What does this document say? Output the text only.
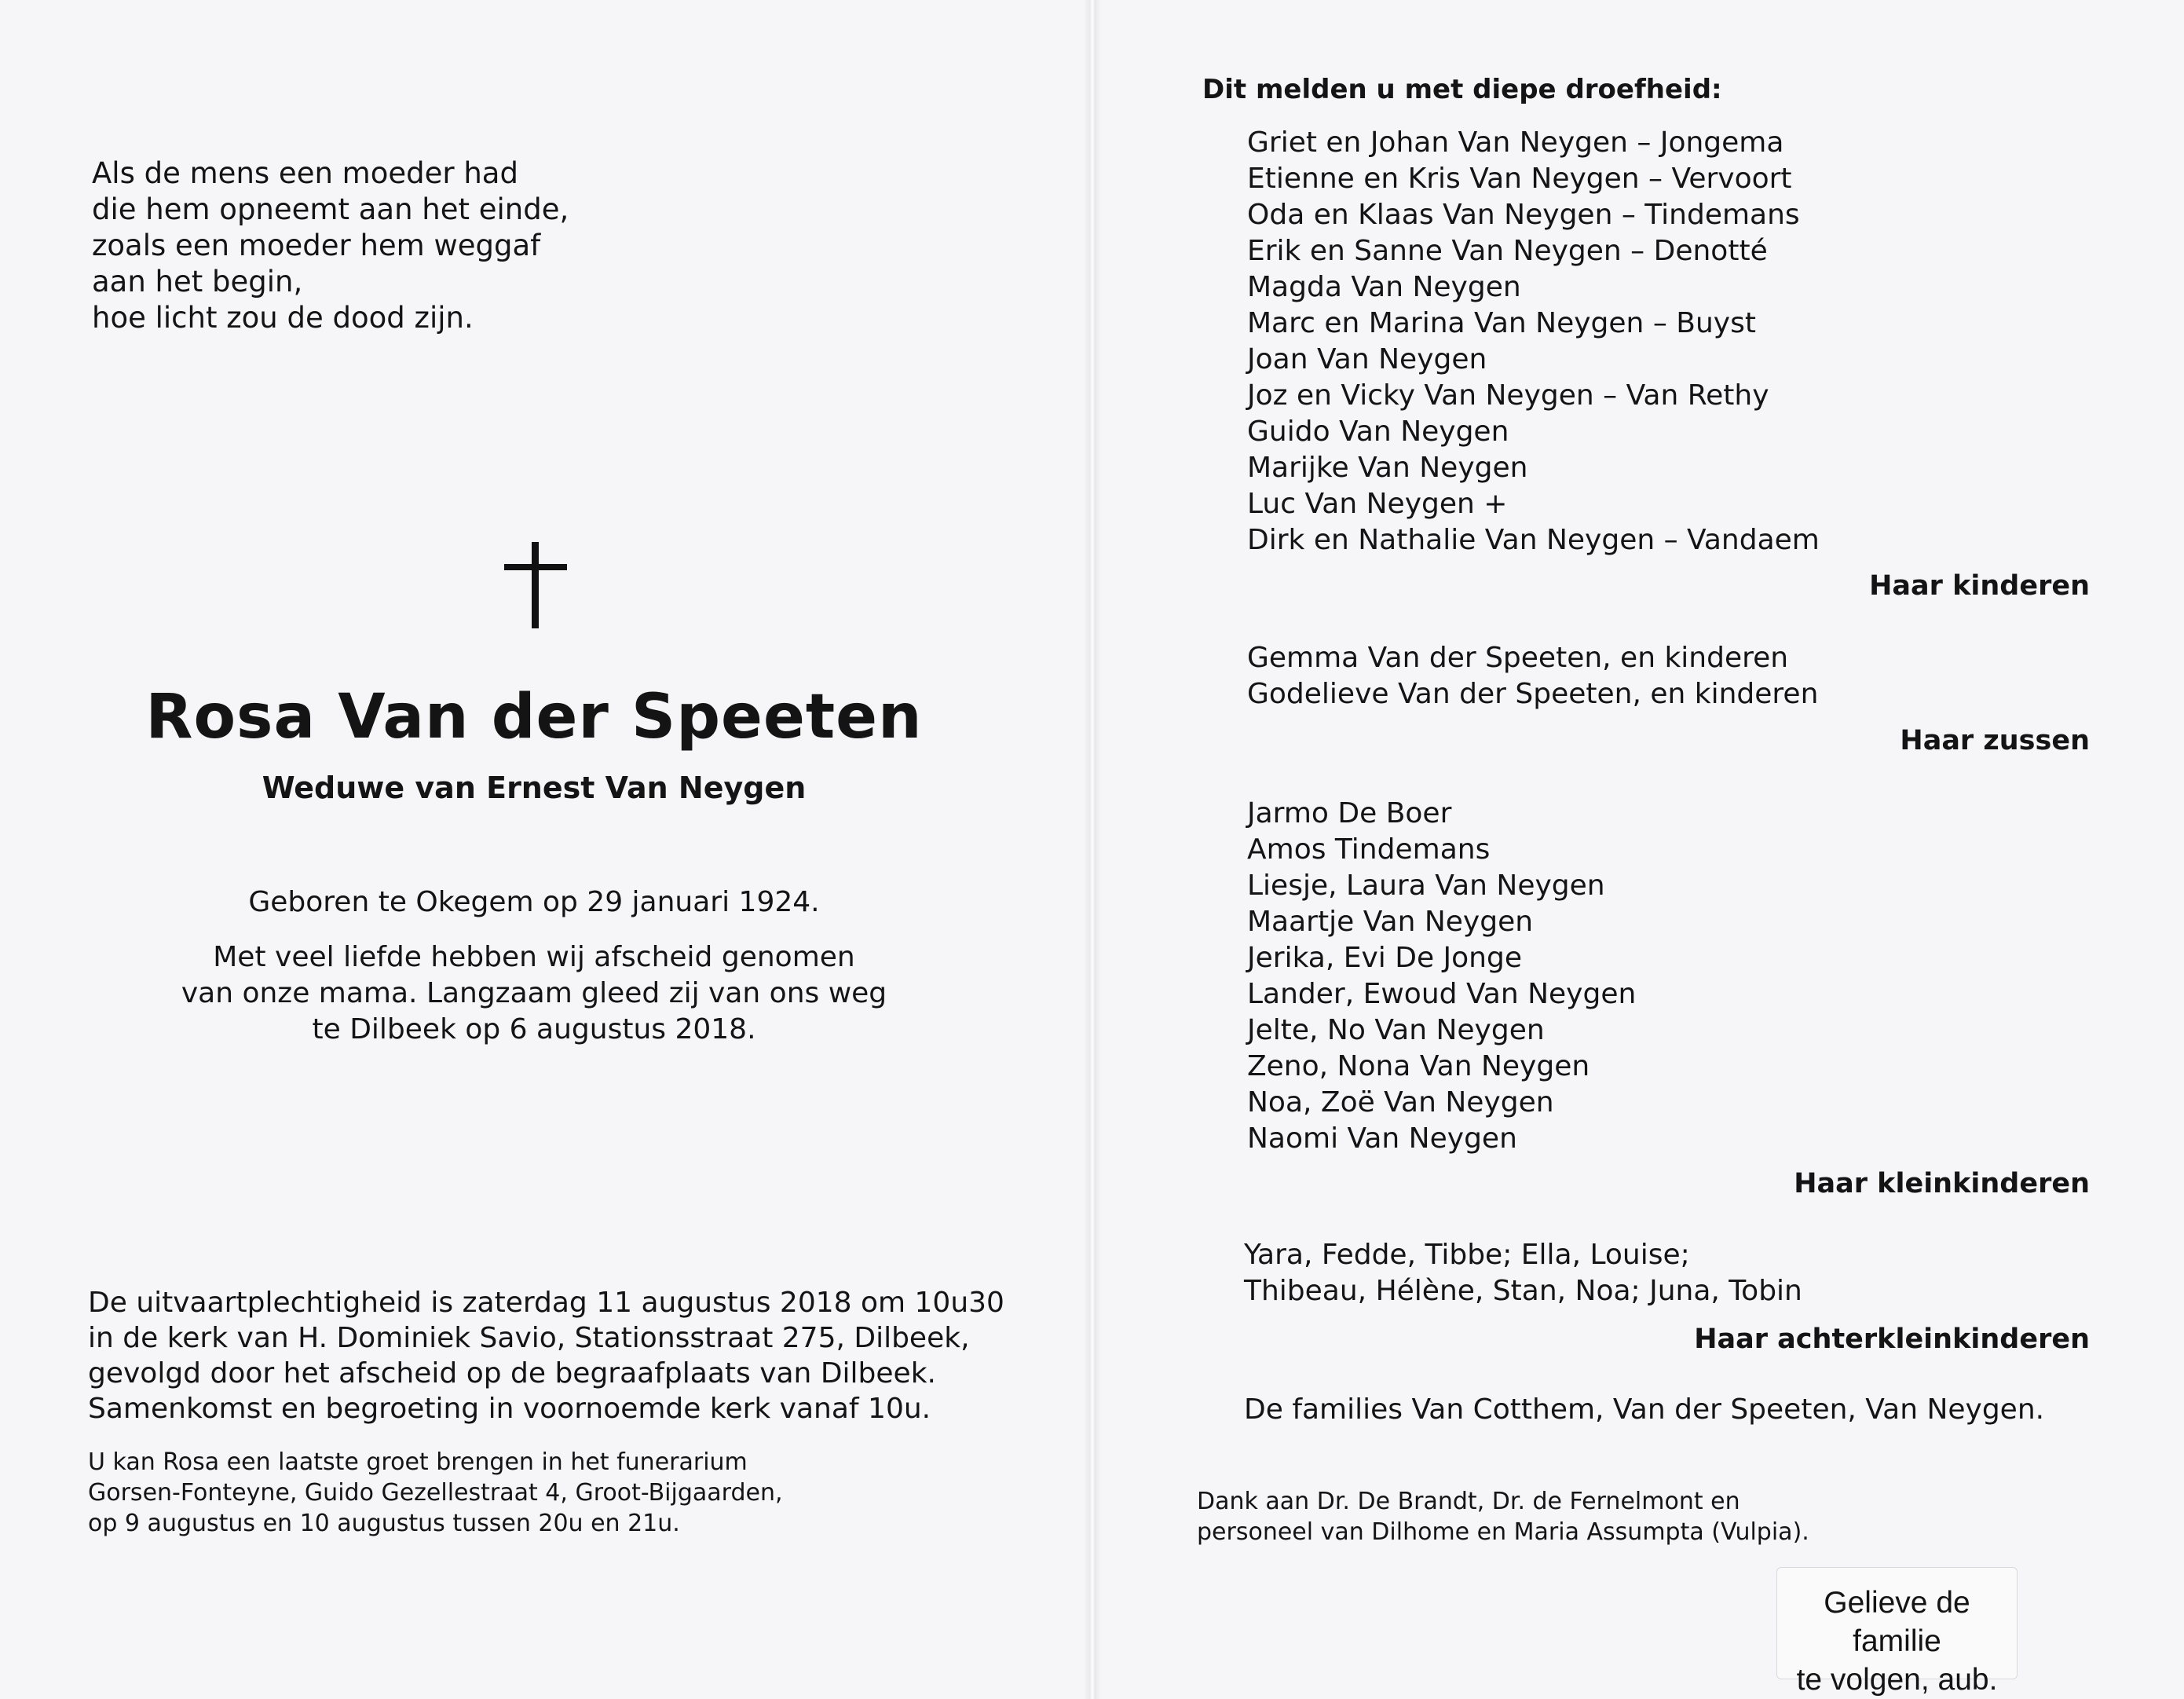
Als de mens een moeder had
die hem opneemt aan het einde,
zoals een moeder hem weggaf
aan het begin,
hoe licht zou de dood zijn.
Rosa Van der Speeten
Weduwe van Ernest Van Neygen
Geboren te Okegem op 29 januari 1924.
Met veel liefde hebben wij afscheid genomen
van onze mama. Langzaam gleed zij van ons weg
te Dilbeek op 6 augustus 2018.
De uitvaartplechtigheid is zaterdag 11 augustus 2018 om 10u30
in de kerk van H. Dominiek Savio, Stationsstraat 275, Dilbeek,
gevolgd door het afscheid op de begraafplaats van Dilbeek.
Samenkomst en begroeting in voornoemde kerk vanaf 10u.
U kan Rosa een laatste groet brengen in het funerarium
Gorsen-Fonteyne, Guido Gezellestraat 4, Groot-Bijgaarden,
op 9 augustus en 10 augustus tussen 20u en 21u.
Dit melden u met diepe droefheid:
Griet en Johan Van Neygen – Jongema
Etienne en Kris Van Neygen – Vervoort
Oda en Klaas Van Neygen – Tindemans
Erik en Sanne Van Neygen – Denotté
Magda Van Neygen
Marc en Marina Van Neygen – Buyst
Joan Van Neygen
Joz en Vicky Van Neygen – Van Rethy
Guido Van Neygen
Marijke Van Neygen
Luc Van Neygen +
Dirk en Nathalie Van Neygen – Vandaem
Haar kinderen
Gemma Van der Speeten, en kinderen
Godelieve Van der Speeten, en kinderen
Haar zussen
Jarmo De Boer
Amos Tindemans
Liesje, Laura Van Neygen
Maartje Van Neygen
Jerika, Evi De Jonge
Lander, Ewoud Van Neygen
Jelte, No Van Neygen
Zeno, Nona Van Neygen
Noa, Zoë Van Neygen
Naomi Van Neygen
Haar kleinkinderen
Yara, Fedde, Tibbe; Ella, Louise;
Thibeau, Hélène, Stan, Noa; Juna, Tobin
Haar achterkleinkinderen
De families Van Cotthem, Van der Speeten, Van Neygen.
Dank aan Dr. De Brandt, Dr. de Fernelmont en
personeel van Dilhome en Maria Assumpta (Vulpia).
Gelieve de familie
te volgen, aub.
